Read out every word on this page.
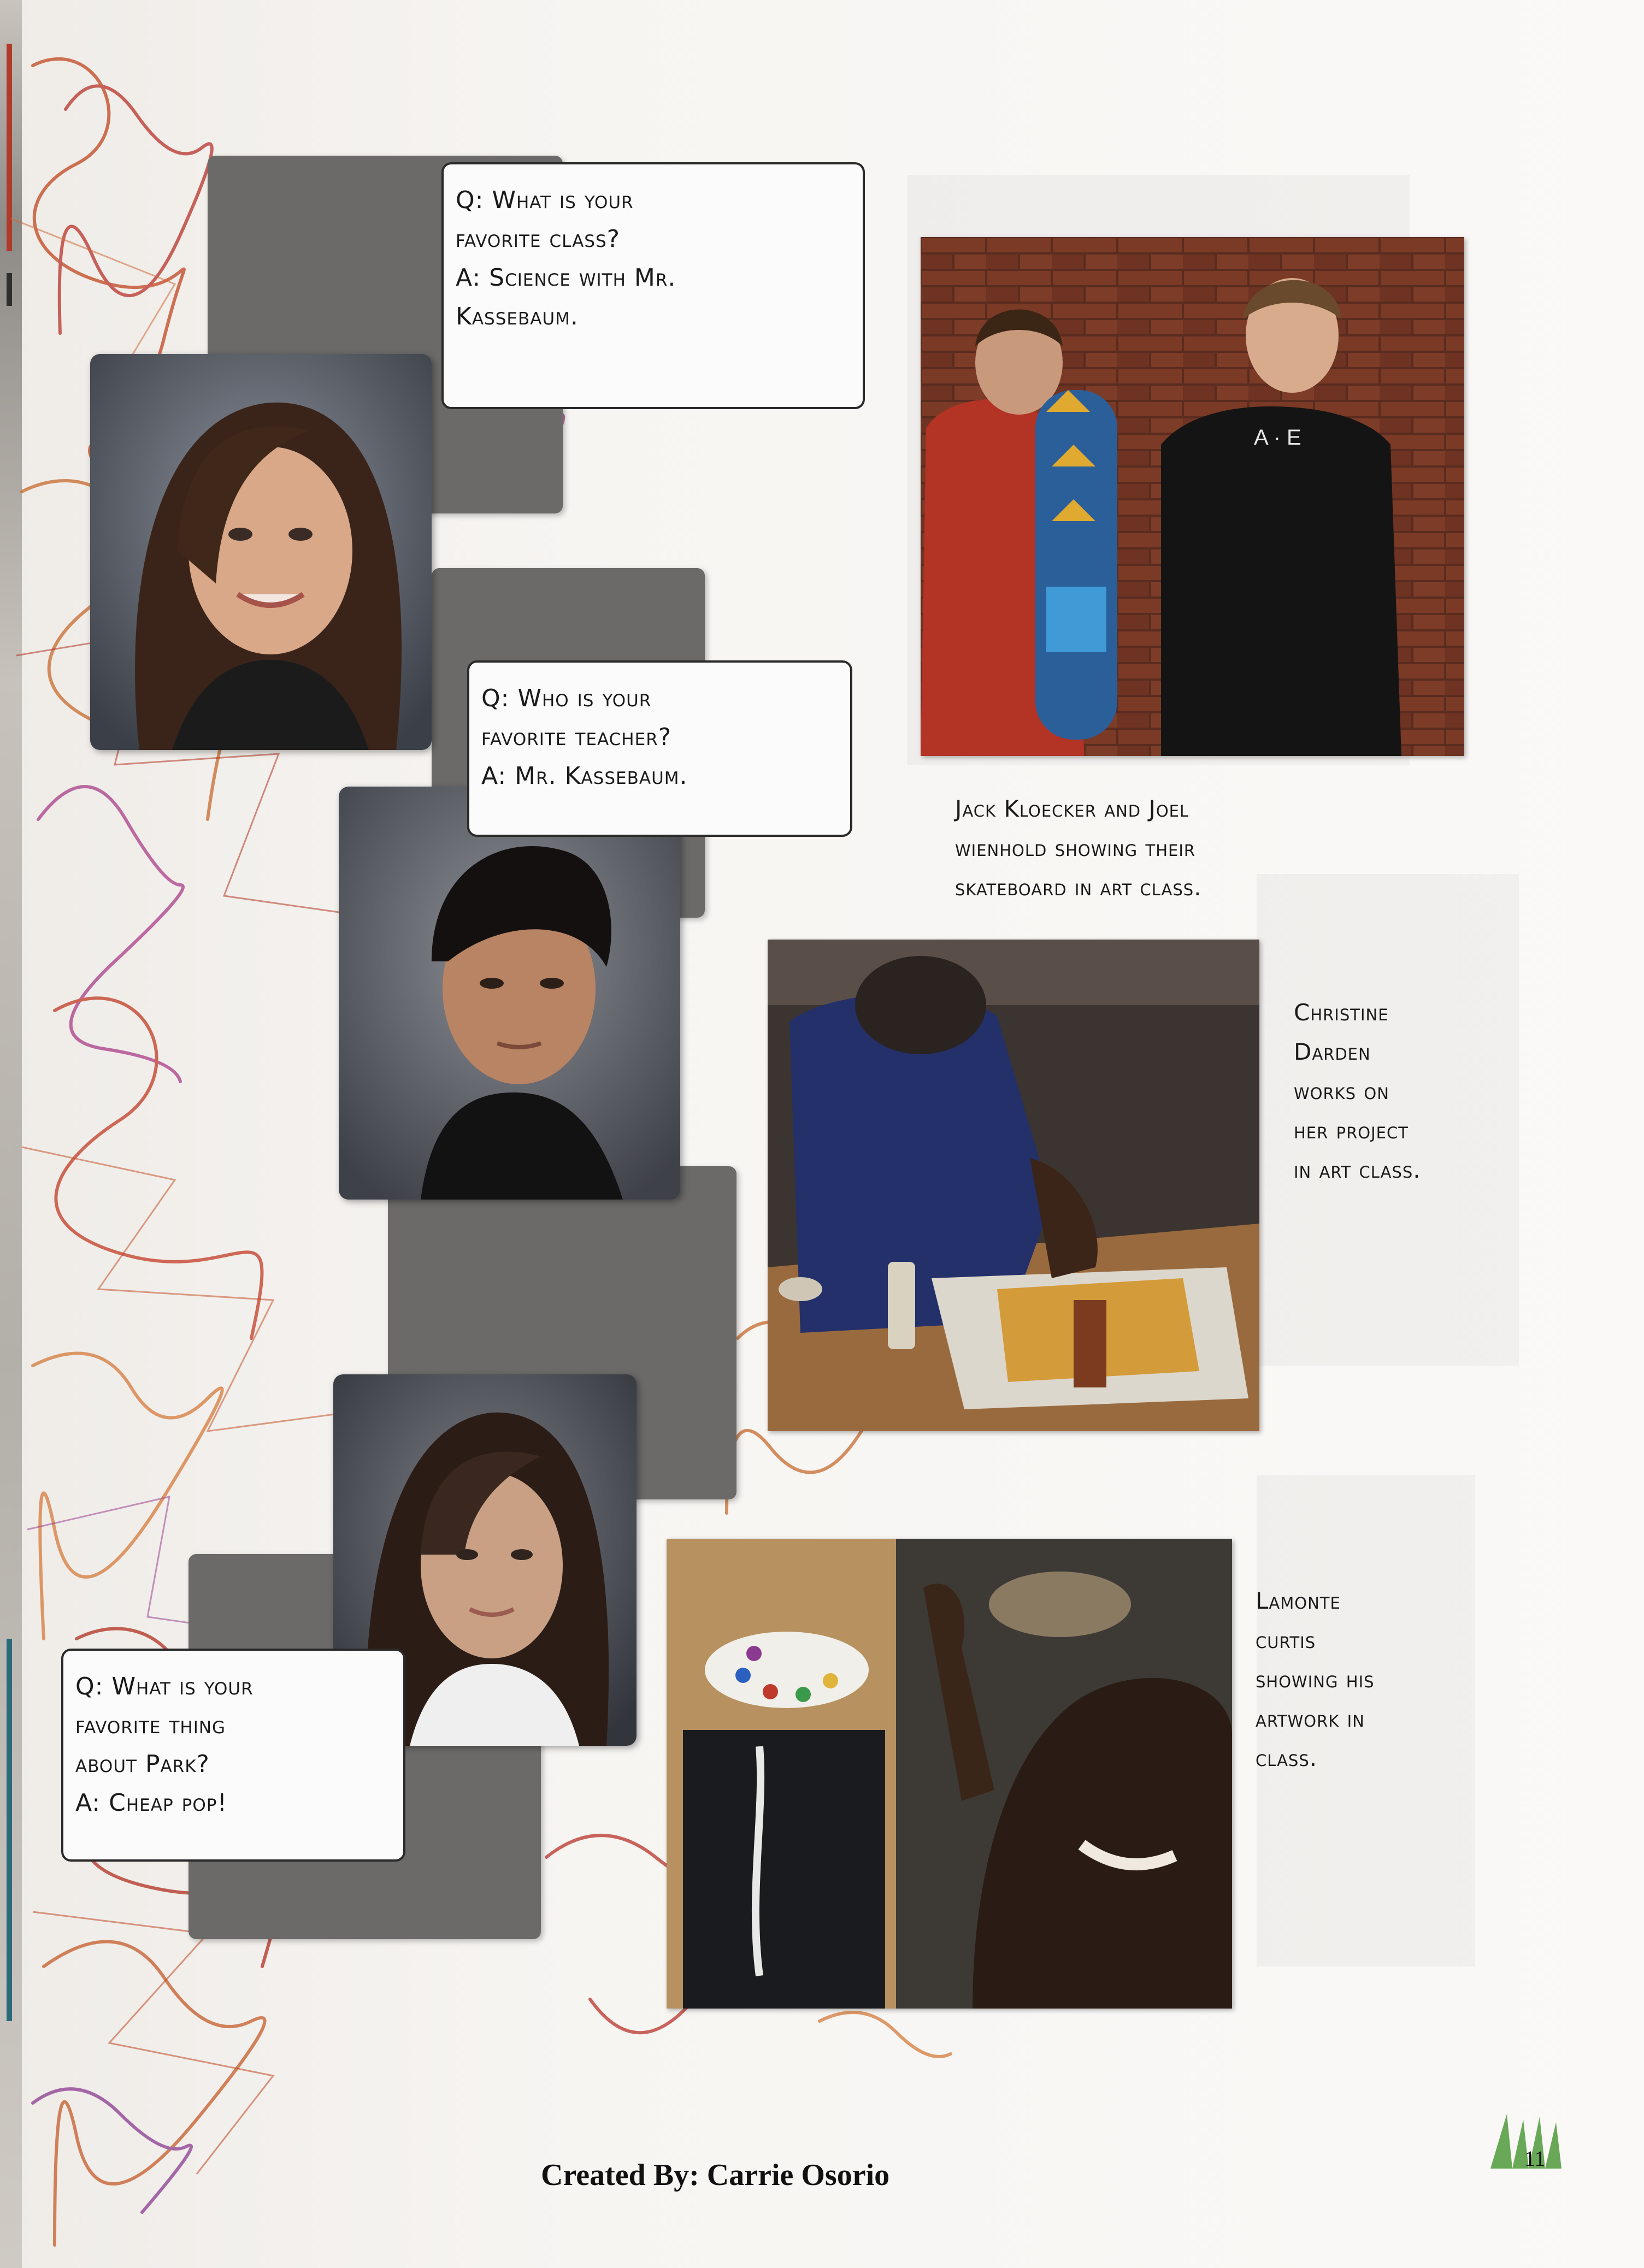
Q: What is your

favorite class?

A: Science with Mr.

Kassebaum.

Q: Who is your

favorite teacher?

A: Mr. Kassebaum.

Q: What is your

favorite thing

about Park?

A: Cheap pop!

A · E

Jack Kloecker and Joel

wienhold showing their

skateboard in art class.

Christine

Darden

works on

her project

in art class.

Lamonte

curtis

showing his

artwork in

class.

Created By: Carrie Osorio	11
